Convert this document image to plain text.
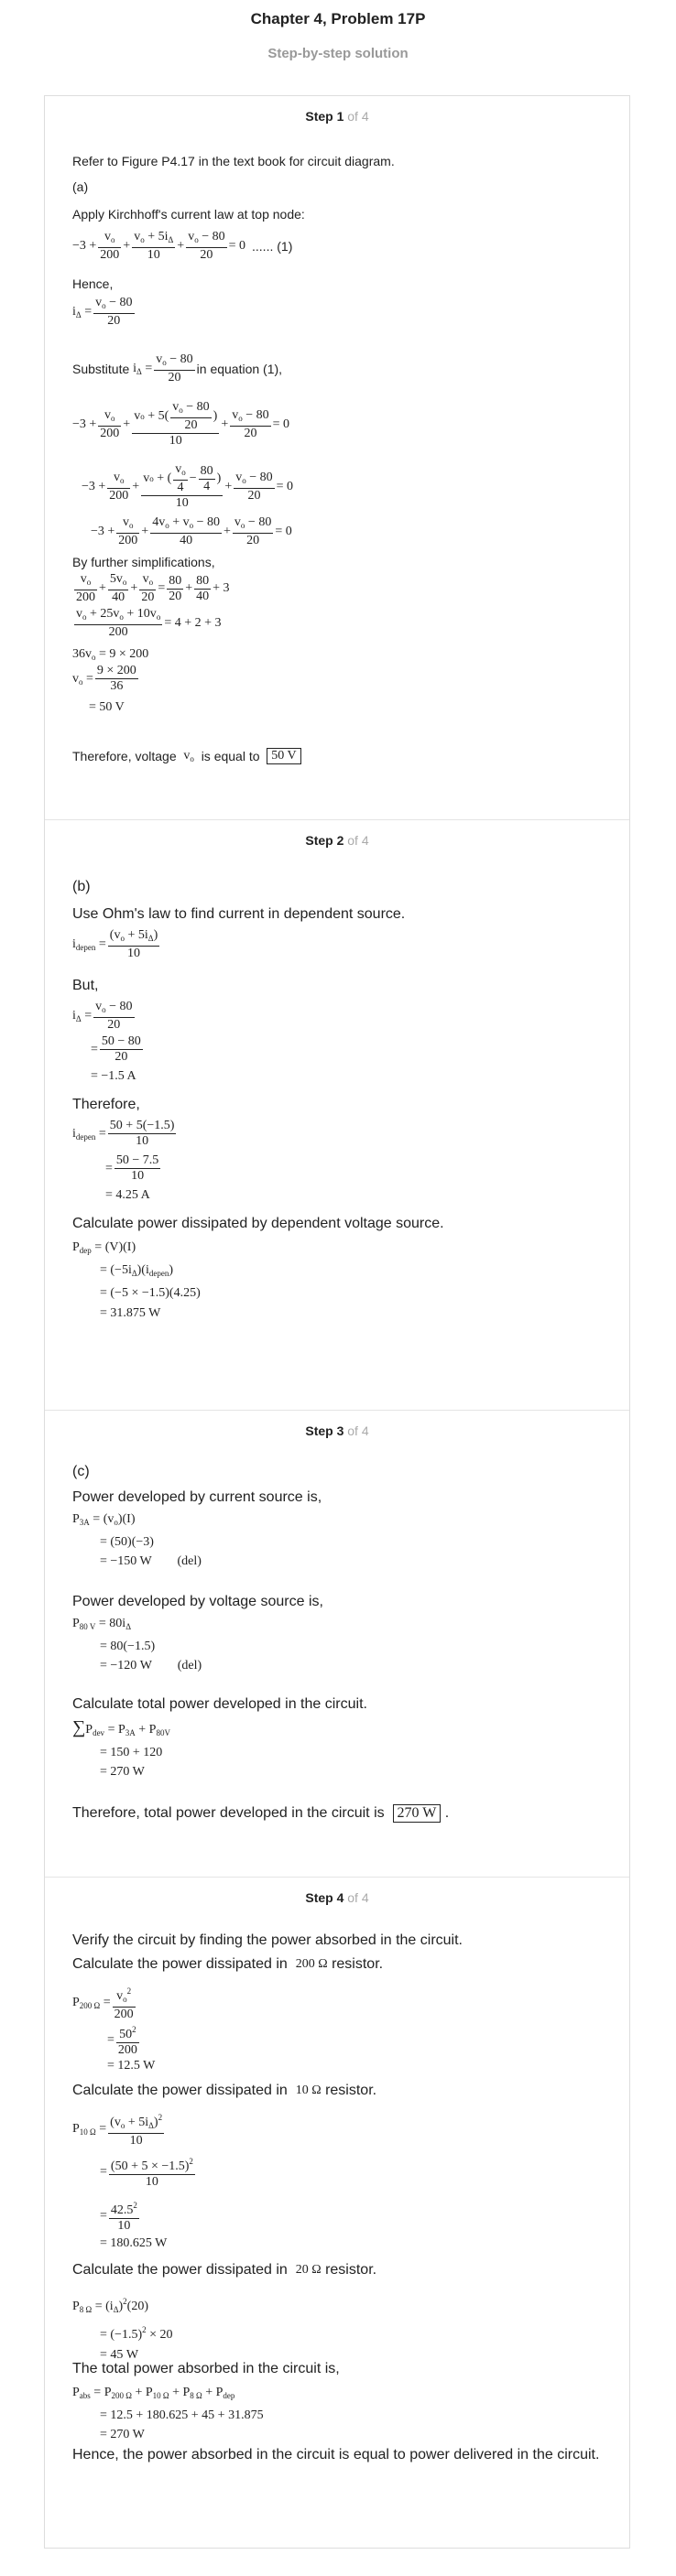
Chapter 4, Problem 17P
Step-by-step solution
Step 1 of 4

Refer to Figure P4.17 in the text book for circuit diagram.

(a)

Apply Kirchhoff's current law at top node:

$-3 + \frac{v_o}{200} + \frac{v_o + 5i_\Delta}{10} + \frac{v_o - 80}{20} = 0$ ...... (1)

Hence,

$i_\Delta = \frac{v_o - 80}{20}$
Substitute
$i_\Delta = \frac{v_o - 80}{20}$ in equation (1),
$-3 + \frac{v_o}{200} + \frac{v o + 5( \frac{v_o - 80}{20} )}{10} + \frac{v_o - 80}{20} = 0$
$-3 + \frac{v_o}{200} + \frac{v o + ( \frac{v_o}{4} - \frac{80}{4} )}{10} + \frac{v_o - 80}{20} = 0$
$-3 + \frac{v_o}{200} + \frac{4v_o + v_o - 80}{40} + \frac{v_o - 80}{20} = 0$

By further simplifications,

$\frac{v_o}{200} + \frac{5v_o}{40} + \frac{v_o}{20} = \frac{80}{20} + \frac{80}{40} + 3$
$\frac{v_o + 25v_o + 10v_o}{200} = 4 + 2 + 3$
$36v_o = 9 \times 200$
$v_o = \frac{9 \times 200}{36}$
= 50 V
Therefore, voltage
$v_o$
is equal to
50 V
Step 2 of 4

(b)

Use Ohm's law to find current in dependent source.

$i_{depen} = \frac{(v_o + 5i_\Delta)}{10}$

But,

$i_\Delta = \frac{v_o - 80}{20}$
= $\frac{50 - 80}{20}$
= −1.5 A

Therefore,

$i_{depen} = \frac{50 + 5(-1.5)}{10}$
= $\frac{50 - 7.5}{10}$
= 4.25 A

Calculate power dissipated by dependent voltage source.

$P_{dep} = (V)(I)$
= $(-5i_\Delta)(i_{depen})$
= (−5 × −1.5)(4.25)
= 31.875 W
Step 3 of 4

(c)

Power developed by current source is,

$P_{3A} = (v_o)(I)$
= (50)(−3)
= −150 W        (del)

Power developed by voltage source is,

$P_{80 V} = 80i_\Delta$
= 80(−1.5)
= −120 W        (del)

Calculate total power developed in the circuit.

$\sum P_{dev} = P_{3A} + P_{80V}$
= 150 + 120
= 270 W
Therefore, total power developed in the circuit is
270 W .
Step 4 of 4

Verify the circuit by finding the power absorbed in the circuit.

Calculate the power dissipated in
200 Ω
resistor.
$P_{200 \Omega} = \frac{v_o^2}{200}$
= $\frac{50^2}{200}$
= 12.5 W
Calculate the power dissipated in
10 Ω
resistor.
$P_{10 \Omega} = \frac{(v_o + 5i_\Delta)^2}{10}$
= $\frac{(50 + 5 \times -1.5)^2}{10}$
= $\frac{42.5^2}{10}$
= 180.625 W
Calculate the power dissipated in
20 Ω
resistor.
$P_{8 \Omega} = (i_\Delta)^2(20)$
= $(-1.5)^2 \times 20$
= 45 W

The total power absorbed in the circuit is,

$P_{abs} = P_{200 \Omega} + P_{10 \Omega} + P_{8 \Omega} + P_{dep}$
= 12.5 + 180.625 + 45 + 31.875
= 270 W

Hence, the power absorbed in the circuit is equal to power delivered in the circuit.
